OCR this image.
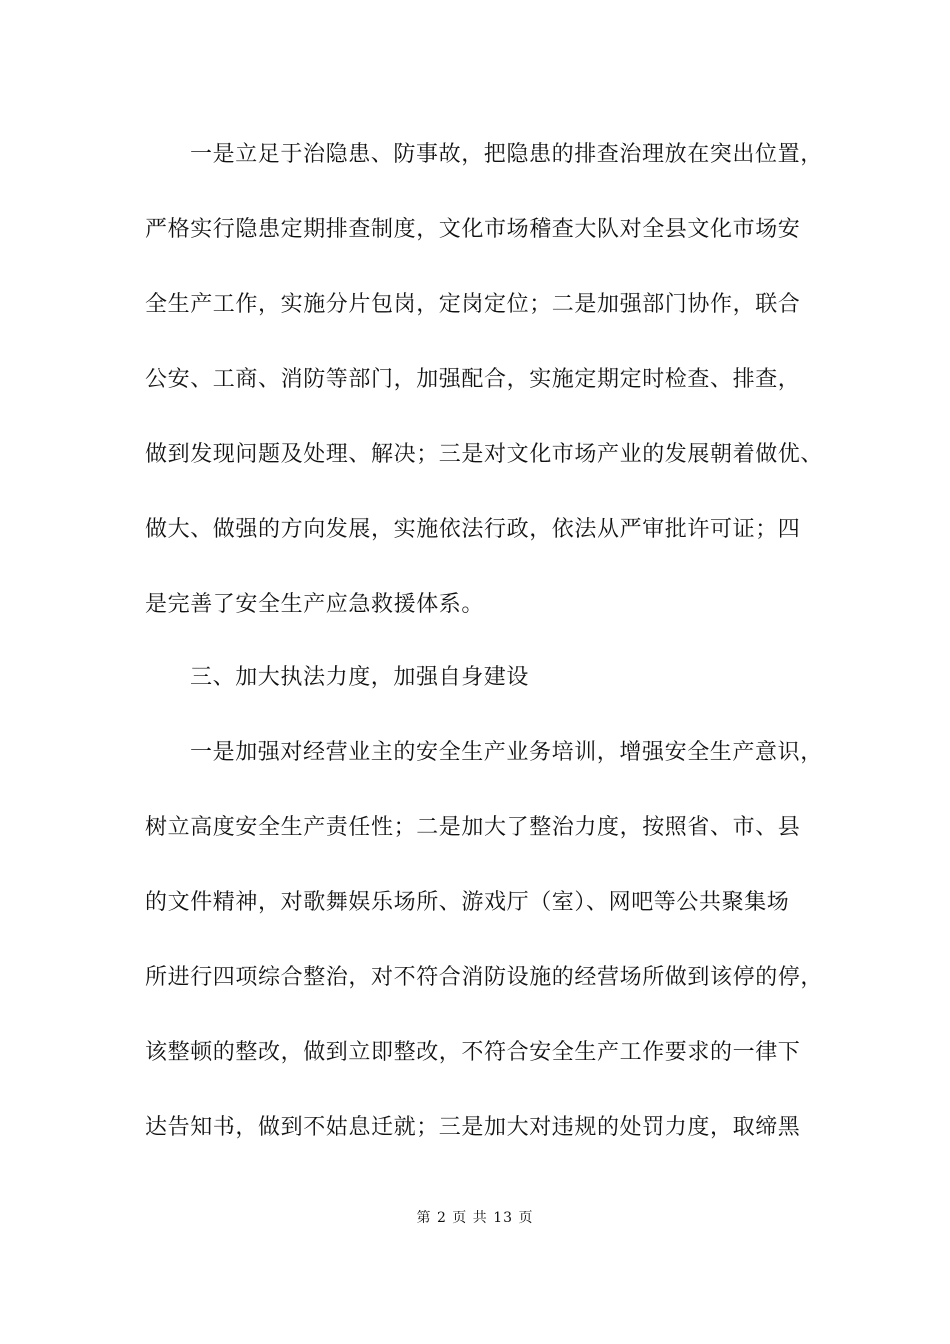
一是立足于治隐患、防事故，把隐患的排查治理放在突出位置，
严格实行隐患定期排查制度，文化市场稽查大队对全县文化市场安
全生产工作，实施分片包岗，定岗定位；二是加强部门协作，联合
公安、工商、消防等部门，加强配合，实施定期定时检查、排查，
做到发现问题及处理、解决；三是对文化市场产业的发展朝着做优、
做大、做强的方向发展，实施依法行政，依法从严审批许可证；四
是完善了安全生产应急救援体系。
三、加大执法力度，加强自身建设
一是加强对经营业主的安全生产业务培训，增强安全生产意识，
树立高度安全生产责任性；二是加大了整治力度，按照省、市、县
的文件精神，对歌舞娱乐场所、游戏厅（室）、网吧等公共聚集场
所进行四项综合整治，对不符合消防设施的经营场所做到该停的停，
该整顿的整改，做到立即整改，不符合安全生产工作要求的一律下
达告知书，做到不姑息迁就；三是加大对违规的处罚力度，取缔黑
第 2 页 共 13 页
